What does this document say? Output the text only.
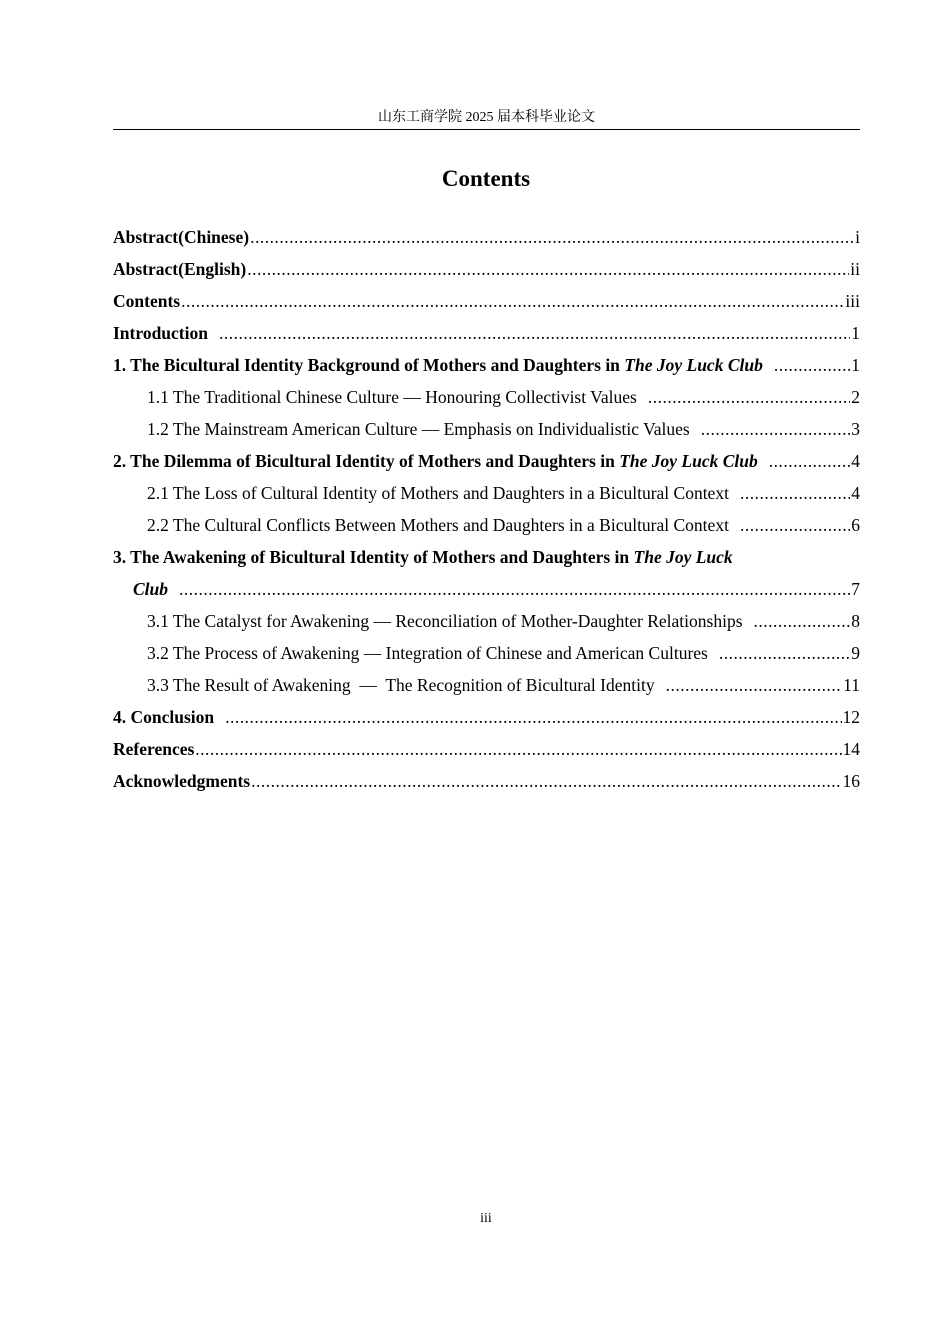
山东工商学院 2025 届本科毕业论文
Contents
Abstract(Chinese) .....	i
Abstract(English) .....	ii
Contents .....	iii
Introduction .....	1
1. The Bicultural Identity Background of Mothers and Daughters in The Joy Luck Club .....	1
1.1 The Traditional Chinese Culture — Honouring Collectivist Values .....	2
1.2 The Mainstream American Culture — Emphasis on Individualistic Values .....	3
2. The Dilemma of Bicultural Identity of Mothers and Daughters in The Joy Luck Club .....	4
2.1 The Loss of Cultural Identity of Mothers and Daughters in a Bicultural Context .....	4
2.2 The Cultural Conflicts Between Mothers and Daughters in a Bicultural Context .....	6
3. The Awakening of Bicultural Identity of Mothers and Daughters in The Joy Luck
Club .....	7
3.1 The Catalyst for Awakening — Reconciliation of Mother-Daughter Relationships .....	8
3.2 The Process of Awakening — Integration of Chinese and American Cultures .....	9
3.3 The Result of Awakening  —  The Recognition of Bicultural Identity .....	11
4. Conclusion .....	12
References .....	14
Acknowledgments .....	16
iii
